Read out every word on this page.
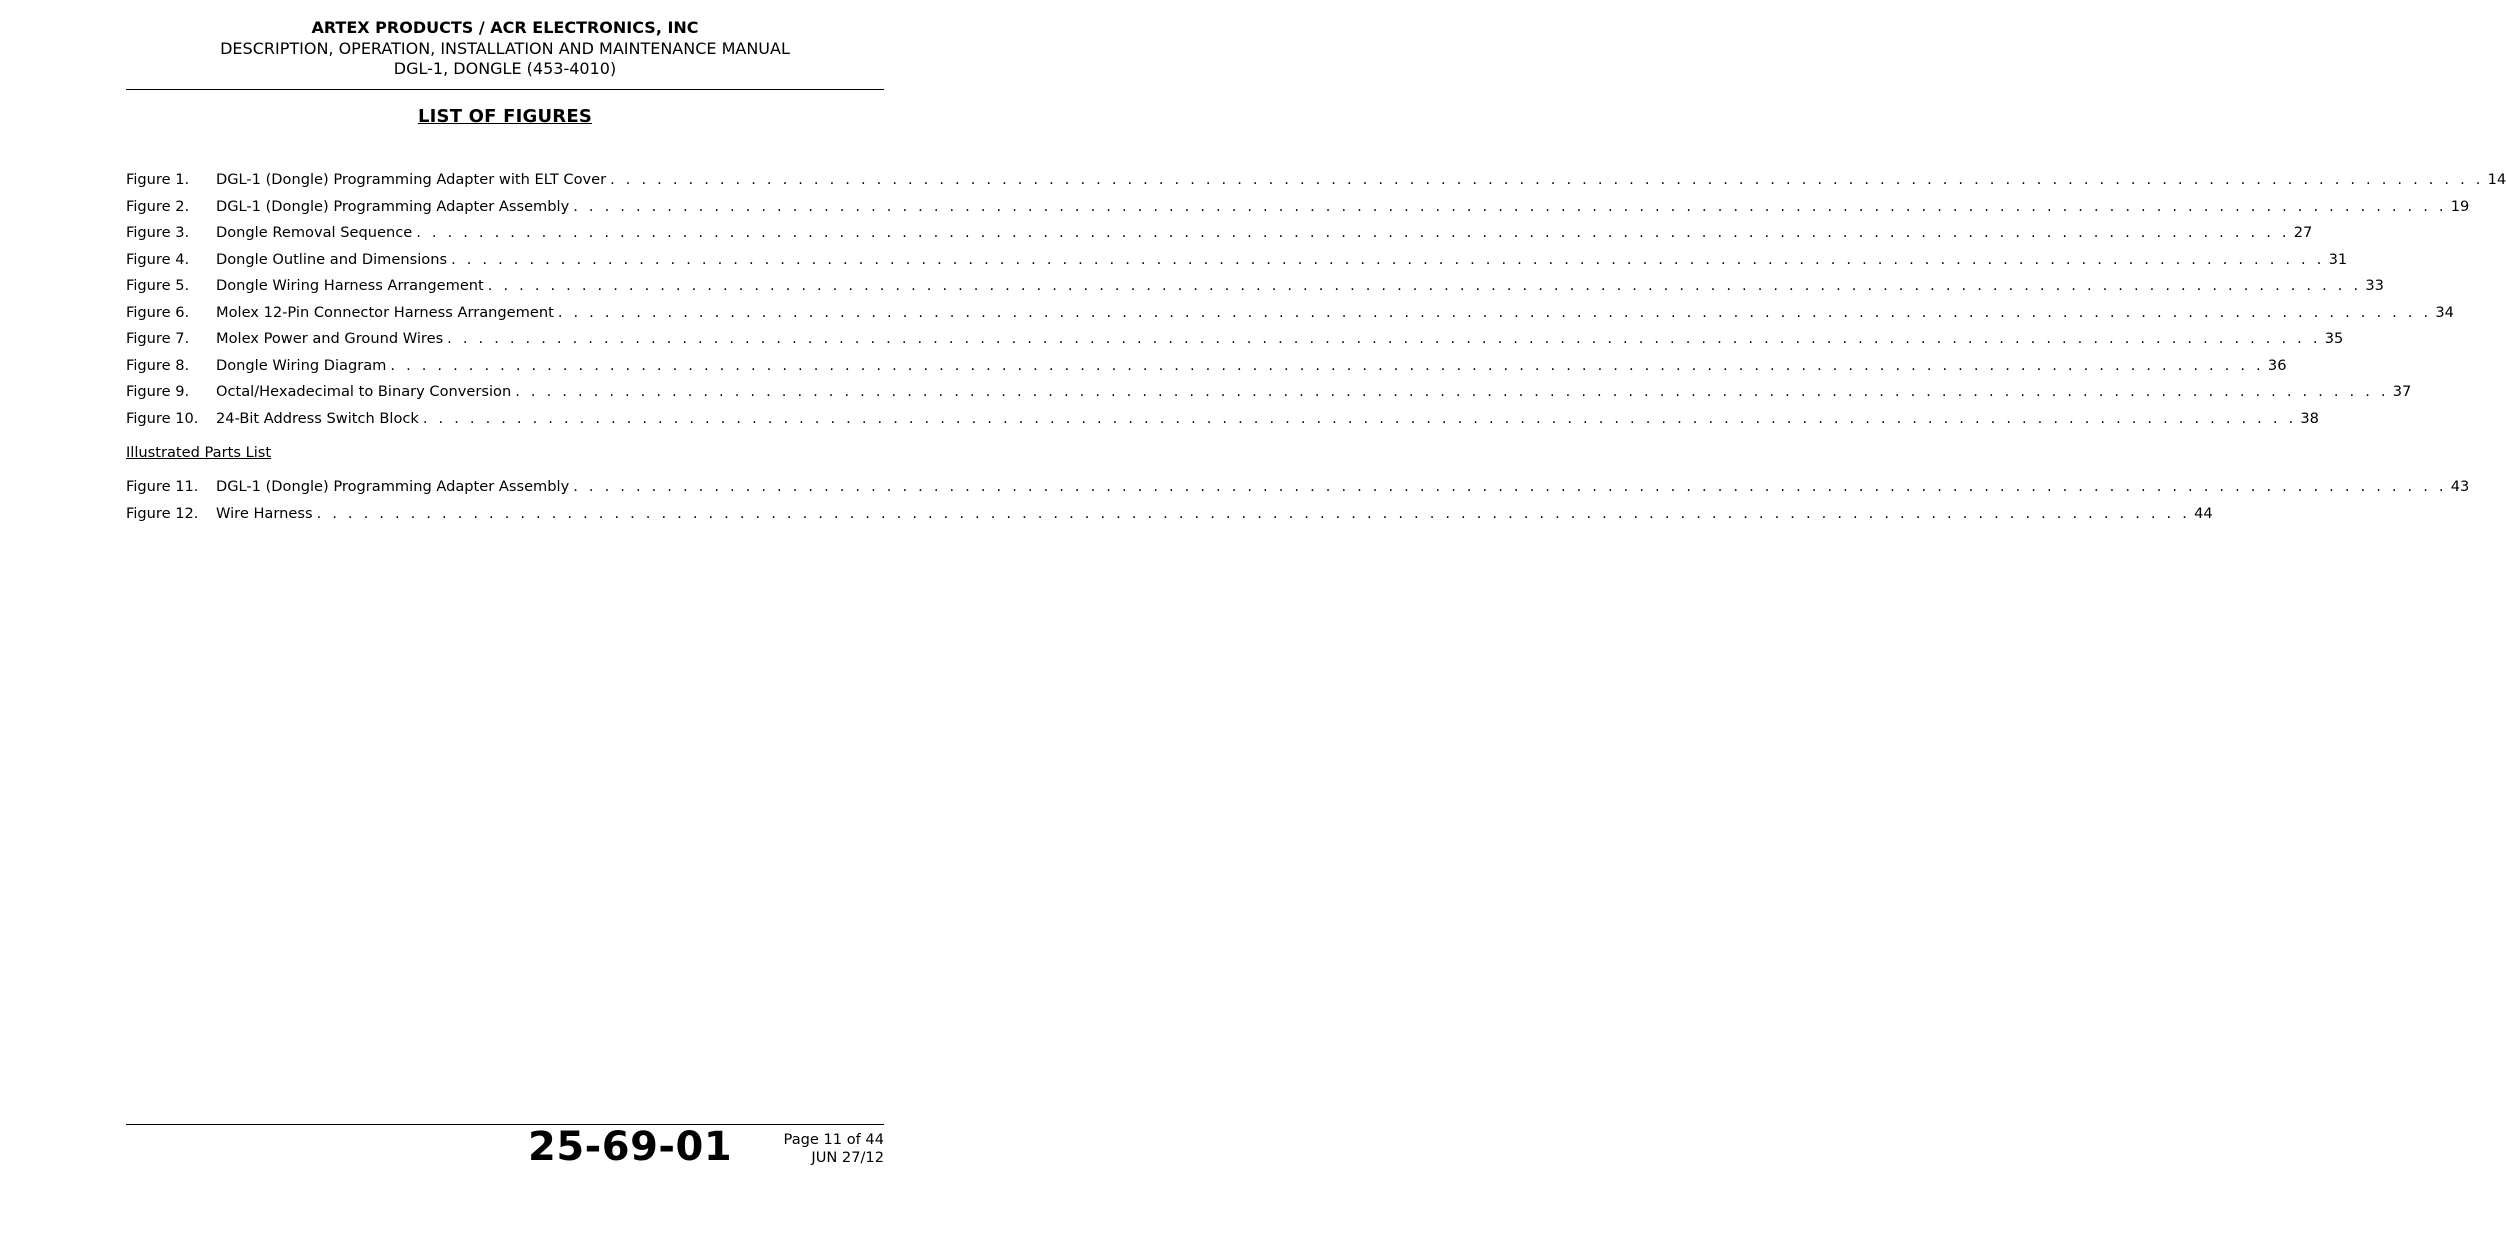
ARTEX PRODUCTS / ACR ELECTRONICS, INC
DESCRIPTION, OPERATION, INSTALLATION AND MAINTENANCE MANUAL
DGL-1, DONGLE (453-4010)
LIST OF FIGURES
Figure 1.	DGL-1 (Dongle) Programming Adapter with ELT Cover . . . . . . . . . . . . . . . . . . . . . . . . . . . . . . . . . . . . . . . . . . . . . . . . . . . . . . . . . . . . . . . . . . . . . . . . . . . . . . . . . . . . . . . . . . . . . . . . . . . . . . . . . . . . . . . . . . . . . . . . 14
Figure 2.	DGL-1 (Dongle) Programming Adapter Assembly . . . . . . . . . . . . . . . . . . . . . . . . . . . . . . . . . . . . . . . . . . . . . . . . . . . . . . . . . . . . . . . . . . . . . . . . . . . . . . . . . . . . . . . . . . . . . . . . . . . . . . . . . . . . . . . . . . . . . . . . 19
Figure 3.	Dongle Removal Sequence . . . . . . . . . . . . . . . . . . . . . . . . . . . . . . . . . . . . . . . . . . . . . . . . . . . . . . . . . . . . . . . . . . . . . . . . . . . . . . . . . . . . . . . . . . . . . . . . . . . . . . . . . . . . . . . . . . . . . . . . 27
Figure 4.	Dongle Outline and Dimensions . . . . . . . . . . . . . . . . . . . . . . . . . . . . . . . . . . . . . . . . . . . . . . . . . . . . . . . . . . . . . . . . . . . . . . . . . . . . . . . . . . . . . . . . . . . . . . . . . . . . . . . . . . . . . . . . . . . . . . . . 31
Figure 5.	Dongle Wiring Harness Arrangement . . . . . . . . . . . . . . . . . . . . . . . . . . . . . . . . . . . . . . . . . . . . . . . . . . . . . . . . . . . . . . . . . . . . . . . . . . . . . . . . . . . . . . . . . . . . . . . . . . . . . . . . . . . . . . . . . . . . . . . . 33
Figure 6.	Molex 12-Pin Connector Harness Arrangement . . . . . . . . . . . . . . . . . . . . . . . . . . . . . . . . . . . . . . . . . . . . . . . . . . . . . . . . . . . . . . . . . . . . . . . . . . . . . . . . . . . . . . . . . . . . . . . . . . . . . . . . . . . . . . . . . . . . . . . . 34
Figure 7.	Molex Power and Ground Wires . . . . . . . . . . . . . . . . . . . . . . . . . . . . . . . . . . . . . . . . . . . . . . . . . . . . . . . . . . . . . . . . . . . . . . . . . . . . . . . . . . . . . . . . . . . . . . . . . . . . . . . . . . . . . . . . . . . . . . . . 35
Figure 8.	Dongle Wiring Diagram . . . . . . . . . . . . . . . . . . . . . . . . . . . . . . . . . . . . . . . . . . . . . . . . . . . . . . . . . . . . . . . . . . . . . . . . . . . . . . . . . . . . . . . . . . . . . . . . . . . . . . . . . . . . . . . . . . . . . . . . 36
Figure 9.	Octal/Hexadecimal to Binary Conversion . . . . . . . . . . . . . . . . . . . . . . . . . . . . . . . . . . . . . . . . . . . . . . . . . . . . . . . . . . . . . . . . . . . . . . . . . . . . . . . . . . . . . . . . . . . . . . . . . . . . . . . . . . . . . . . . . . . . . . . . 37
Figure 10.	24-Bit Address Switch Block . . . . . . . . . . . . . . . . . . . . . . . . . . . . . . . . . . . . . . . . . . . . . . . . . . . . . . . . . . . . . . . . . . . . . . . . . . . . . . . . . . . . . . . . . . . . . . . . . . . . . . . . . . . . . . . . . . . . . . . . 38
Illustrated Parts List
Figure 11.	DGL-1 (Dongle) Programming Adapter Assembly . . . . . . . . . . . . . . . . . . . . . . . . . . . . . . . . . . . . . . . . . . . . . . . . . . . . . . . . . . . . . . . . . . . . . . . . . . . . . . . . . . . . . . . . . . . . . . . . . . . . . . . . . . . . . . . . . . . . . . . . 43
Figure 12.	Wire Harness . . . . . . . . . . . . . . . . . . . . . . . . . . . . . . . . . . . . . . . . . . . . . . . . . . . . . . . . . . . . . . . . . . . . . . . . . . . . . . . . . . . . . . . . . . . . . . . . . . . . . . . . . . . . . . . . . . . . . . . . 44
25-69-01	Page 11 of 44
JUN 27/12
